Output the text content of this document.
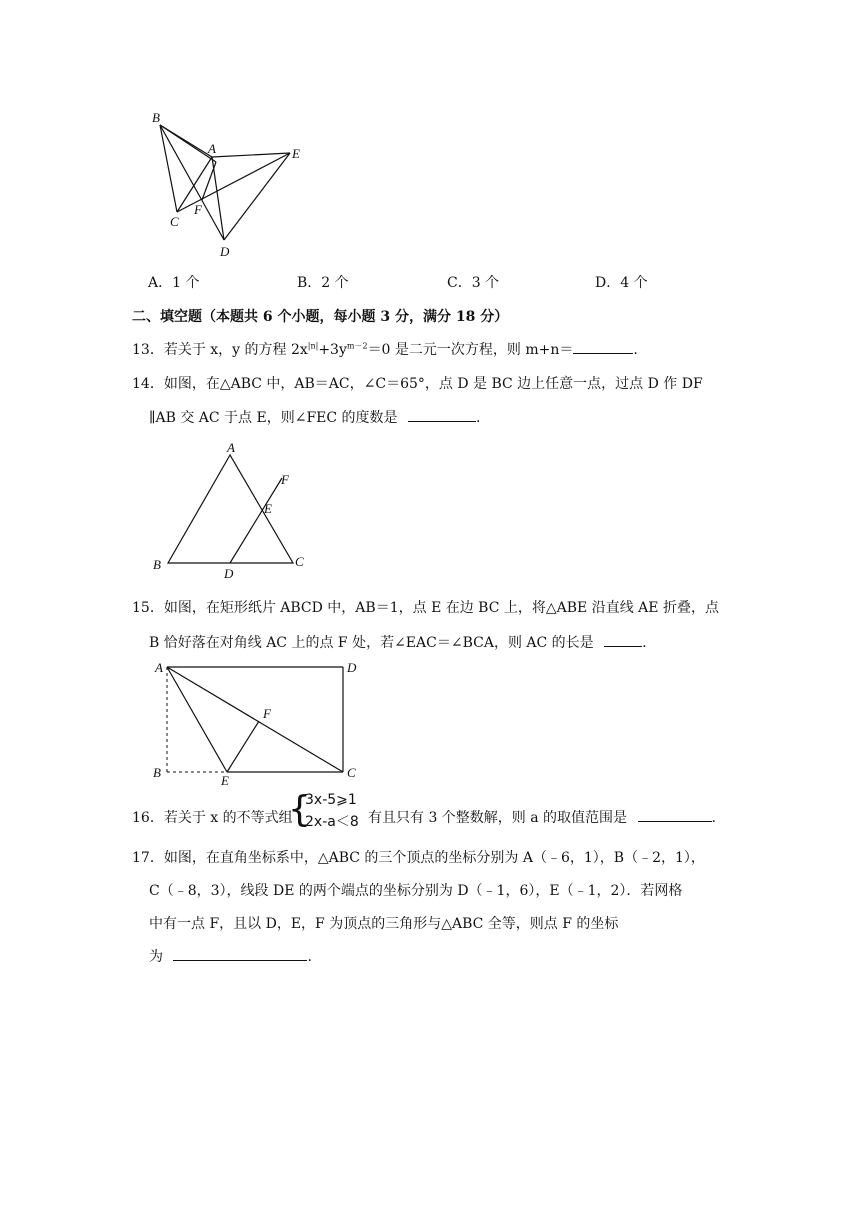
B
A	E
C
F
D
A．1 个	B．2 个	C．3 个	D．4 个
二、填空题（本题共 6 个小题，每小题 3 分，满分 18 分）
13．若关于 x，y 的方程 $2x^{|n|}+3y^{m-2}=0$ 是二元一次方程，则 m+n＝	.
14．如图，在△ABC 中，AB＝AC，∠C＝65°，点 D 是 BC 边上任意一点，过点 D 作 DF
∥AB 交 AC 于点 E，则∠FEC 的度数是	.
A
F
E
B
D
C
15．如图，在矩形纸片 ABCD 中，AB＝1，点 E 在边 BC 上，将△ABE 沿直线 AE 折叠，点
B 恰好落在对角线 AC 上的点 F 处，若∠EAC＝∠BCA，则 AC 的长是	.
A	D
F
B
E
C
16．若关于 x 的不等式组
{
3x-5⩾1
2x-a＜8 有且只有 3 个整数解，则 a 的取值范围是	.
17．如图，在直角坐标系中，△ABC 的三个顶点的坐标分别为 A（﹣6，1），B（﹣2，1），
C（﹣8，3），线段 DE 的两个端点的坐标分别为 D（﹣1，6），E（﹣1，2）．若网格
中有一点 F，且以 D，E，F 为顶点的三角形与△ABC 全等，则点 F 的坐标
为	.
